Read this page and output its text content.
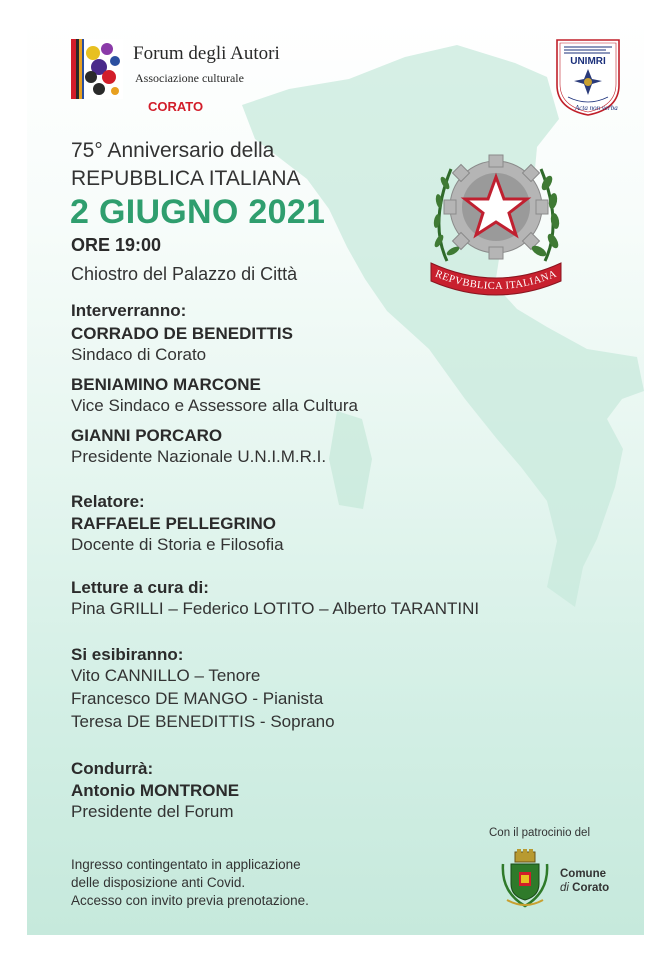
Forum degli Autori
Associazione culturale
CORATO
UNIMRI
Acta non verba
REPVBBLICA ITALIANA
75° Anniversario della
REPUBBLICA ITALIANA
2 GIUGNO 2021
ORE 19:00
Chiostro del Palazzo di Città
Interverranno:
CORRADO DE BENEDITTIS
Sindaco di Corato
BENIAMINO MARCONE
Vice Sindaco e Assessore alla Cultura
GIANNI PORCARO
Presidente Nazionale U.N.I.M.R.I.
Relatore:
RAFFAELE PELLEGRINO
Docente di Storia e Filosofia
Letture a cura di:
Pina GRILLI – Federico LOTITO – Alberto TARANTINI
Si esibiranno:
Vito CANNILLO – Tenore
Francesco DE MANGO - Pianista
Teresa DE BENEDITTIS - Soprano
Condurrà:
Antonio MONTRONE
Presidente del Forum
Ingresso contingentato in applicazione
delle disposizione anti Covid.
Accesso con invito previa prenotazione.
Con il patrocinio del
Comune
di Corato
